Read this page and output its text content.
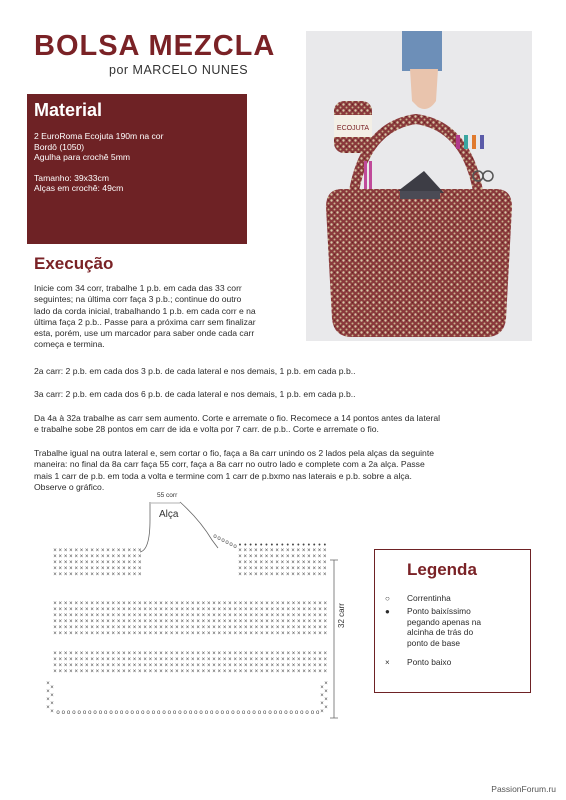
BOLSA MEZCLA
por MARCELO NUNES
Material
2 EuroRoma Ecojuta 190m na cor
Bordô (1050)
Agulha para crochê 5mm
Tamanho: 39x33cm
Alças em crochê: 49cm
ECOJUTA
Execução
Inicie com 34 corr, trabalhe 1 p.b. em cada das 33 corr
seguintes; na última corr faça 3 p.b.; continue do outro
lado da corda inicial, trabalhando 1 p.b. em cada corr e na
última faça 2 p.b.. Passe para a próxima carr sem finalizar
esta, porém, use um marcador para saber onde cada carr
começa e termina.
2a carr: 2 p.b. em cada dos 3 p.b. de cada lateral e nos demais, 1 p.b. em cada p.b..
3a carr: 2 p.b. em cada dos 6 p.b. de cada lateral e nos demais, 1 p.b. em cada p.b..
Da 4a à 32a trabalhe as carr sem aumento. Corte e arremate o fio. Recomece a 14 pontos antes da lateral
e trabalhe sobe 28 pontos em carr de ida e volta por 7 carr. de p.b.. Corte e arremate o fio.
Trabalhe igual na outra lateral e, sem cortar o fio, faça a 8a carr unindo os 2 lados pela alças da seguinte
maneira: no final da 8a carr faça 55 corr, faça a 8a carr no outro lado e complete com a 2a alça. Passe
mais 1 carr de p.b. em toda a volta e termine com 1 carr de p.bxmo nas laterais e p.b. sobre a alça.
Observe o gráfico.
55 corr
Alça
32 carr
× × × × × × × × × × × × × × × × ×
× × × × × × × × × × × × × × × × ×
× × × × × × × × × × × × × × × × ×
× × × × × × × × × × × × × × × × ×
× × × × × × × × × × × × × × × × ×
× × × × × × × × × × × × × × × × ×
× × × × × × × × × × × × × × × × ×
× × × × × × × × × × × × × × × × ×
× × × × × × × × × × × × × × × × ×
× × × × × × × × × × × × × × × × ×
• • • • • • • • • • • • • • • • •
o o o o o o
× × × × × × × × × × × × × × × × × × × × × × × × × × × × × × × × × × × × × × × × × × × × × × × × × × × ×
× × × × × × × × × × × × × × × × × × × × × × × × × × × × × × × × × × × × × × × × × × × × × × × × × × × ×
× × × × × × × × × × × × × × × × × × × × × × × × × × × × × × × × × × × × × × × × × × × × × × × × × × × ×
× × × × × × × × × × × × × × × × × × × × × × × × × × × × × × × × × × × × × × × × × × × × × × × × × × × ×
× × × × × × × × × × × × × × × × × × × × × × × × × × × × × × × × × × × × × × × × × × × × × × × × × × × ×
× × × × × × × × × × × × × × × × × × × × × × × × × × × × × × × × × × × × × × × × × × × × × × × × × × × ×
× × × × × × × × × × × × × × × × × × × × × × × × × × × × × × × × × × × × × × × × × × × × × × × × × × × ×
× × × × × × × × × × × × × × × × × × × × × × × × × × × × × × × × × × × × × × × × × × × × × × × × × × × ×
× × × × × × × × × × × × × × × × × × × × × × × × × × × × × × × × × × × × × × × × × × × × × × × × × × × ×
× × × × × × × × × × × × × × × × × × × × × × × × × × × × × × × × × × × × × × × × × × × × × × × × × × × ×
o o o o o o o o o o o o o o o o o o o o o o o o o o o o o o o o o o o o o o o o o o o o o o o o o o
×	×
×	×
×	×
×	×
×	×
×	×
×	×
×	×
Legenda
○ Correntinha
● Ponto baixíssimo
pegando apenas na
alcinha de trás do
ponto de base
× Ponto baixo
PassionForum.ru
